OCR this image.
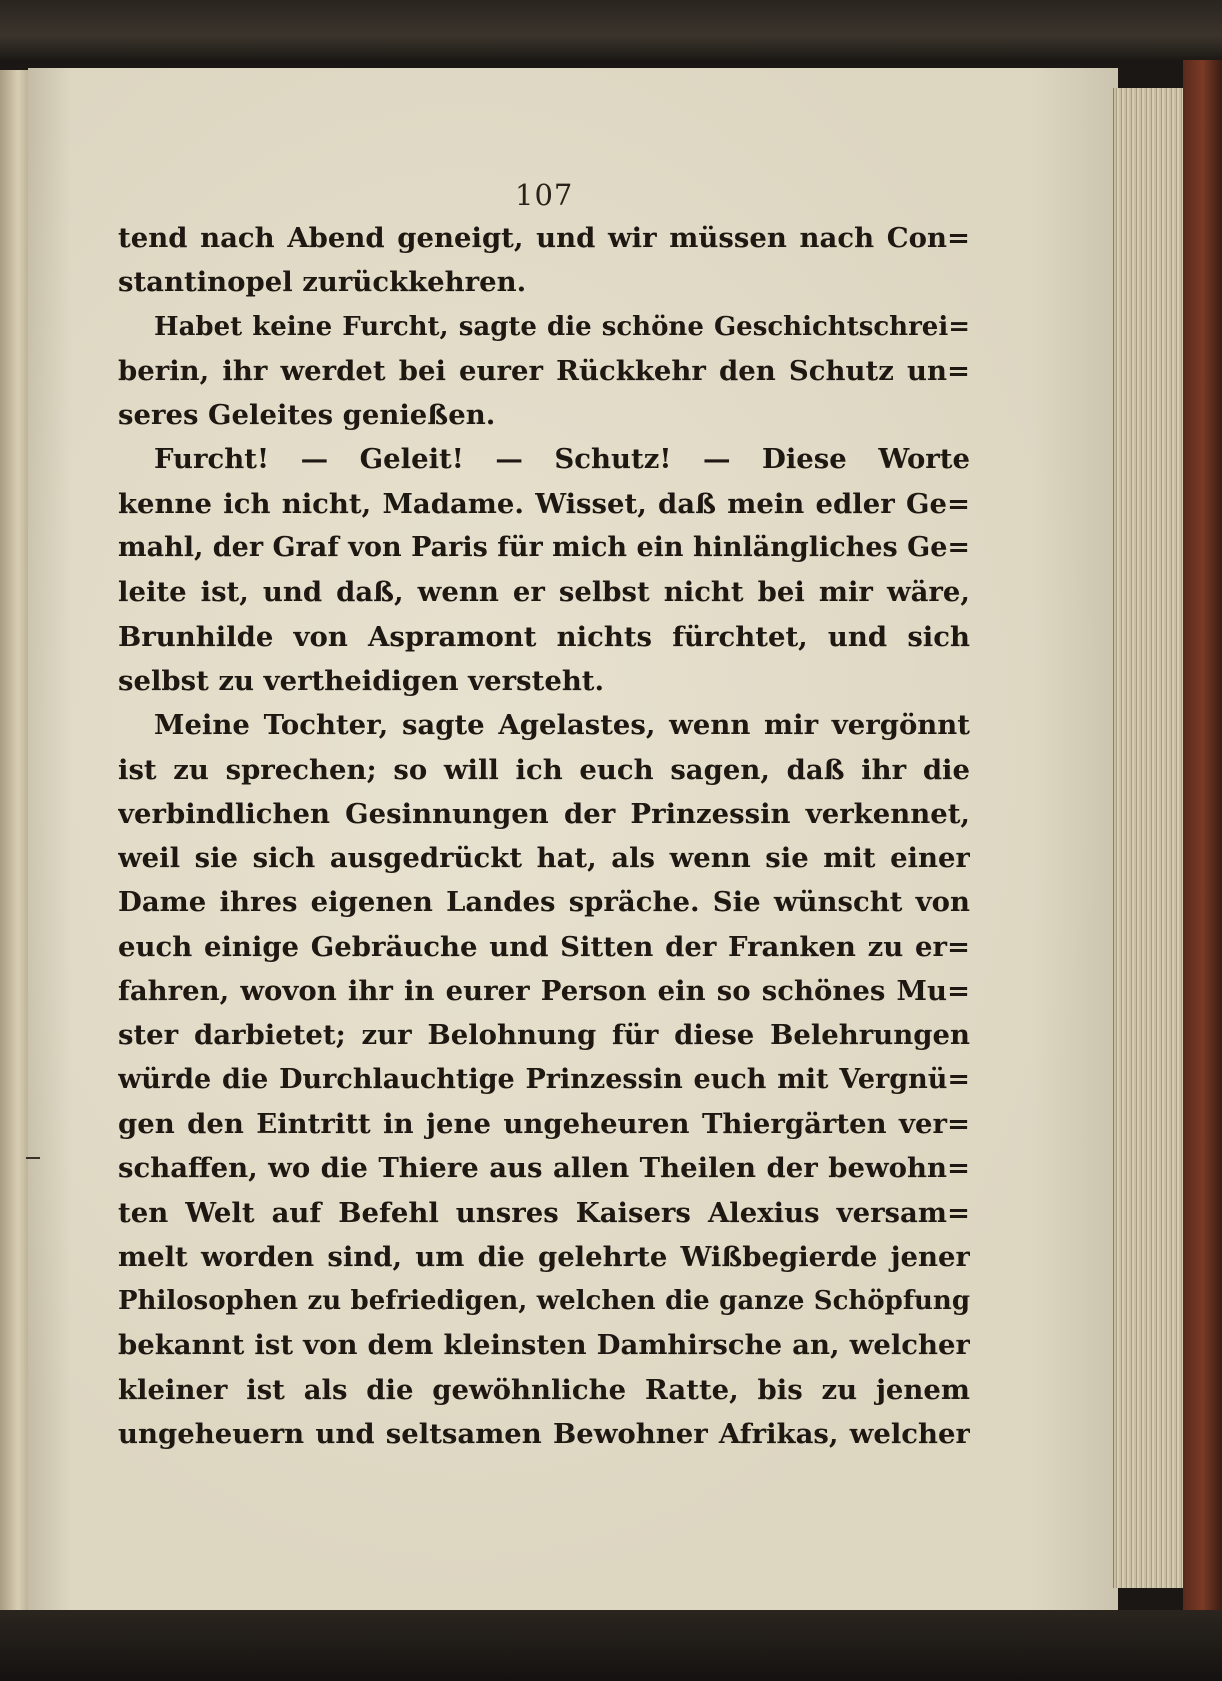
107
tend nach Abend geneigt, und wir müssen nach Con=
stantinopel zurückkehren.
Habet keine Furcht, sagte die schöne Geschichtschrei=
berin, ihr werdet bei eurer Rückkehr den Schutz un=
seres Geleites genießen.
Furcht! — Geleit! — Schutz! — Diese Worte
kenne ich nicht, Madame. Wisset, daß mein edler Ge=
mahl, der Graf von Paris für mich ein hinlängliches Ge=
leite ist, und daß, wenn er selbst nicht bei mir wäre,
Brunhilde von Aspramont nichts fürchtet, und sich
selbst zu vertheidigen versteht.
Meine Tochter, sagte Agelastes, wenn mir vergönnt
ist zu sprechen; so will ich euch sagen, daß ihr die
verbindlichen Gesinnungen der Prinzessin verkennet,
weil sie sich ausgedrückt hat, als wenn sie mit einer
Dame ihres eigenen Landes spräche. Sie wünscht von
euch einige Gebräuche und Sitten der Franken zu er=
fahren, wovon ihr in eurer Person ein so schönes Mu=
ster darbietet; zur Belohnung für diese Belehrungen
würde die Durchlauchtige Prinzessin euch mit Vergnü=
gen den Eintritt in jene ungeheuren Thiergärten ver=
schaffen, wo die Thiere aus allen Theilen der bewohn=
ten Welt auf Befehl unsres Kaisers Alexius versam=
melt worden sind, um die gelehrte Wißbegierde jener
Philosophen zu befriedigen, welchen die ganze Schöpfung
bekannt ist von dem kleinsten Damhirsche an, welcher
kleiner ist als die gewöhnliche Ratte, bis zu jenem
ungeheuern und seltsamen Bewohner Afrikas, welcher
